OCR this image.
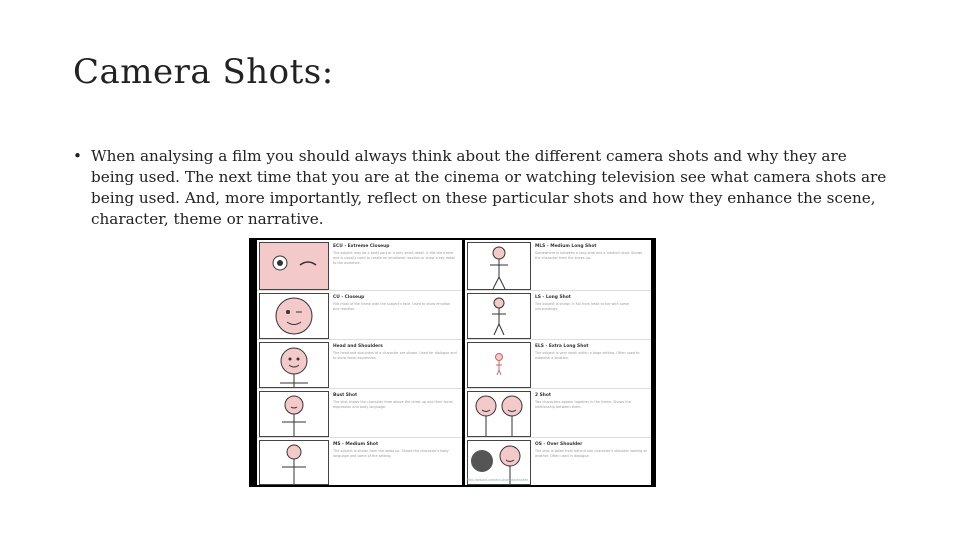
Camera Shots:
• When analysing a film you should always think about the different camera shots and why they are being used. The next time that you are at the cinema or watching television see what camera shots are being used. And, more importantly, reflect on these particular shots and how they enhance the scene, character, theme or narrative.
ECU - Extreme Closeup
The subject may be a body part or a very small detail. It fills the frame and is usually used to create an emotional reaction or show a key detail to the audience.
CU - Closeup
Fills most of the frame with the subject's face. Used to show emotion and reaction.
Head and Shoulders
The head and shoulders of a character are shown. Used for dialogue and to show facial expression.
Bust Shot
The shot shows the character from above the chest up and their facial expression and body language.
MS - Medium Shot
The subject is shown from the waist up. Shows the character's body language and some of the setting.
MLS - Medium Long Shot
Somewhere in between a long shot and a medium shot. Shows the character from the knees up.
LS - Long Shot
The subject is shown in full from head to toe with some surroundings.
ELS - Extra Long Shot
The subject is very small within a large setting. Often used to establish a location.
2 Shot
Two characters appear together in the frame. Shows the relationship between them.
OS - Over Shoulder
The shot is taken from behind one character's shoulder looking at another. Often used in dialogue.
http://www.a-camera-shots-worksheet
